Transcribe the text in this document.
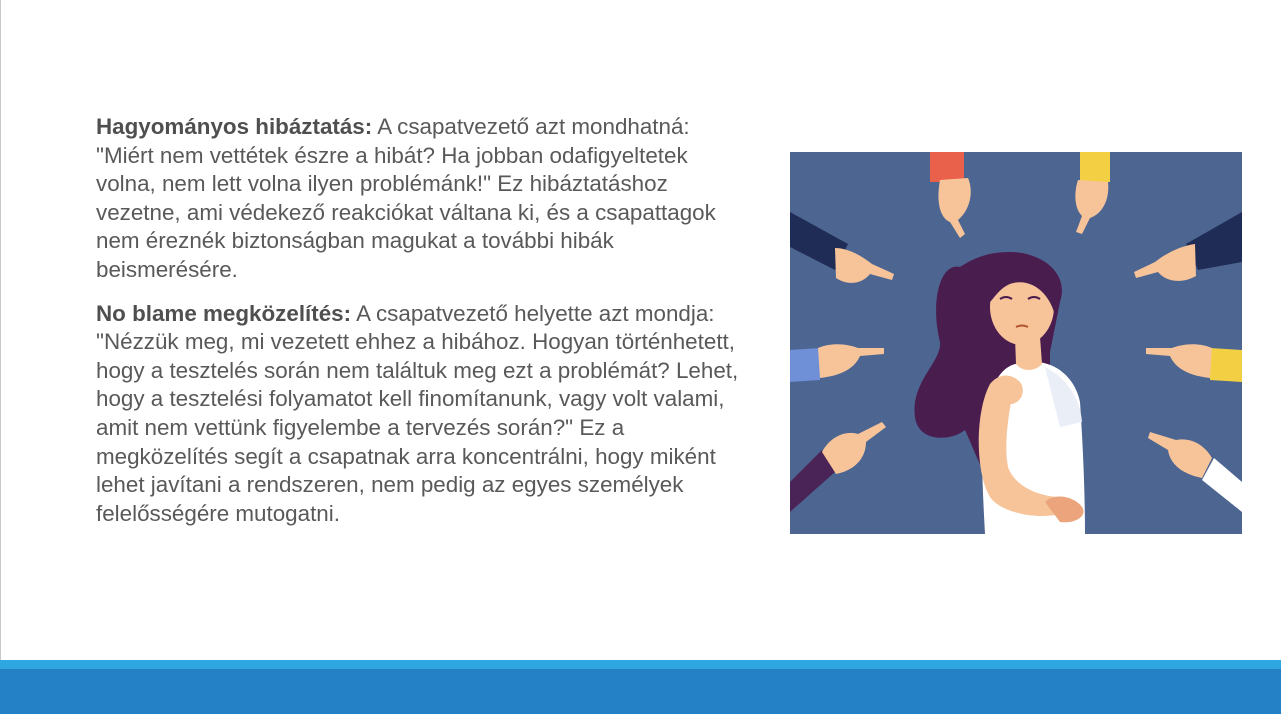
Hagyományos hibáztatás: A csapatvezető azt mondhatná: "Miért nem vettétek észre a hibát? Ha jobban odafigyeltetek volna, nem lett volna ilyen problémánk!" Ez hibáztatáshoz vezetne, ami védekező reakciókat váltana ki, és a csapattagok nem éreznék biztonságban magukat a további hibák beismerésére.

No blame megközelítés: A csapatvezető helyette azt mondja: "Nézzük meg, mi vezetett ehhez a hibához. Hogyan történhetett, hogy a tesztelés során nem találtuk meg ezt a problémát? Lehet, hogy a tesztelési folyamatot kell finomítanunk, vagy volt valami, amit nem vettünk figyelembe a tervezés során?" Ez a megközelítés segít a csapatnak arra koncentrálni, hogy miként lehet javítani a rendszeren, nem pedig az egyes személyek felelősségére mutogatni.
